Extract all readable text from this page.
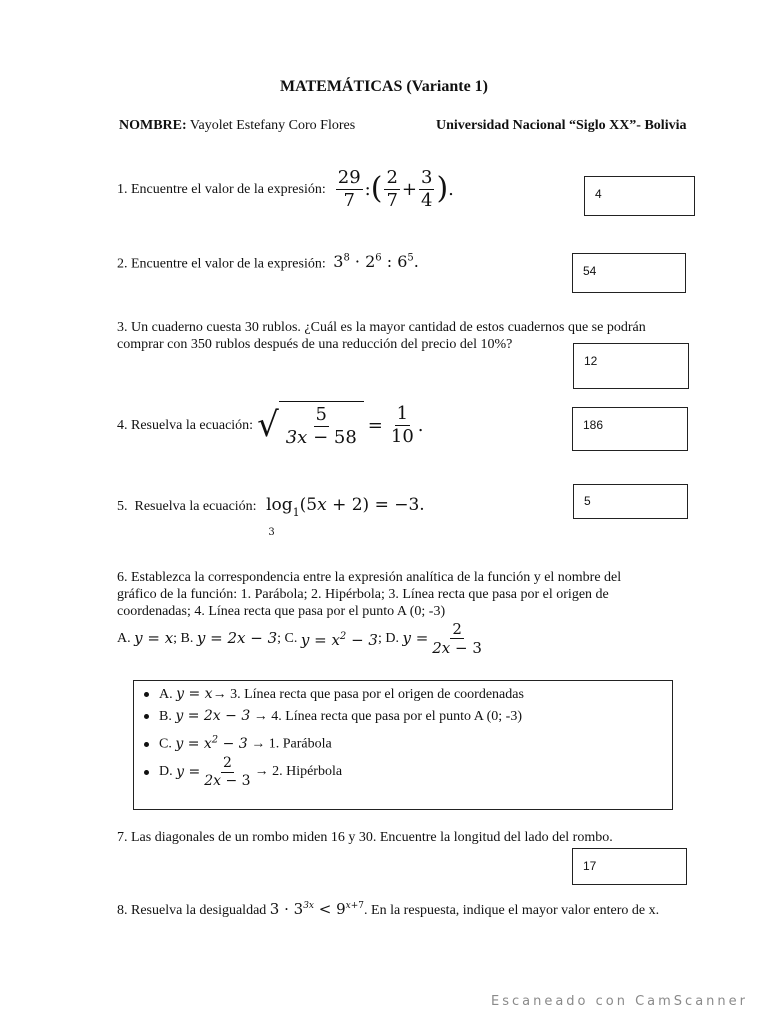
MATEMÁTICAS (Variante 1)
NOMBRE: Vayolet Estefany Coro Flores	Universidad Nacional “Siglo XX”- Bolivia
1.
Encuentre el valor de la expresión: $\frac{29}{7}$ : ( $\frac{2}{7} + \frac{3}{4}$ ) .	4
2. Encuentre el valor de la expresión: $3^8 \cdot 2^6$ : $6^5$.	54
3. Un cuaderno cuesta 30 rublos. ¿Cuál es la mayor cantidad de estos cuadernos que se podrán
comprar con 350 rublos después de una reducción del precio del 10%?
12
4.
Resuelva la ecuación: √ $\frac{5}{3x - 58} = \frac{1}{10}$ .	186
5. Resuelva la ecuación: $\log_1(5x + 2) = -3$.
3
5
6. Establezca la correspondencia entre la expresión analítica de la función y el nombre del
gráfico de la función: 1. Parábola; 2. Hipérbola; 3. Línea recta que pasa por el origen de
coordenadas; 4. Línea recta que pasa por el punto A (0; -3)
A. y = x ; B. y = 2x − 3 ; C. $y = x^2 - 3$ ; D. $y = \frac{2}{2x - 3}$
A. y = x→ 3. Línea recta que pasa por el origen de coordenadas
B. y = 2x − 3 → 4. Línea recta que pasa por el punto A (0; -3)
C. $y = x^2 - 3 \to 1$. Parábola
D.
$y = \frac{2}{2x - 3}$ →
2. Hipérbola
7. Las diagonales de un rombo miden 16 y 30. Encuentre la longitud del lado del rombo.
17
8. Resuelva la desigualdad $3 \cdot 3^{3x} < 9^{x+7}$. En la respuesta, indique el mayor valor entero de x.
Escaneado con CamScanner
